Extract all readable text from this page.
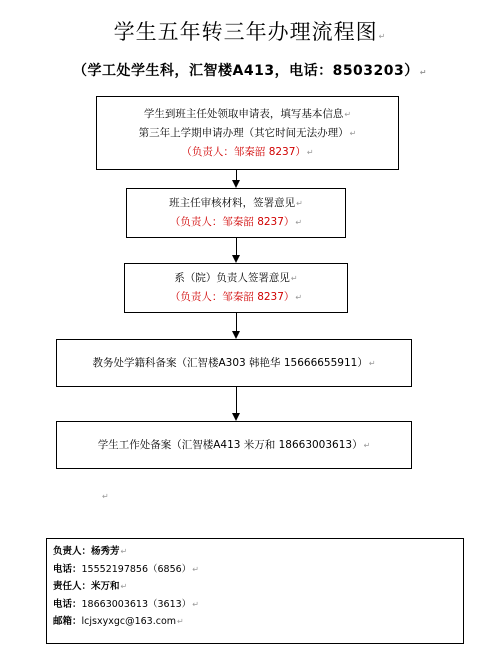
学生五年转三年办理流程图↵
（学工处学生科，汇智楼A413，电话：8503203）↵
学生到班主任处领取申请表，填写基本信息↵
第三年上学期申请办理（其它时间无法办理）↵
（负责人：邹秦韶 8237）↵
班主任审核材料，签署意见↵
（负责人：邹秦韶 8237）↵
系（院）负责人签署意见↵
（负责人：邹秦韶 8237）↵
教务处学籍科备案（汇智楼A303 韩艳华 15666655911）↵
学生工作处备案（汇智楼A413 米万和 18663003613）↵
↵
负责人：杨秀芳↵
电话：15552197856（6856）↵
责任人：米万和↵
电话：18663003613（3613）↵
邮箱：lcjsxyxgc@163.com↵
